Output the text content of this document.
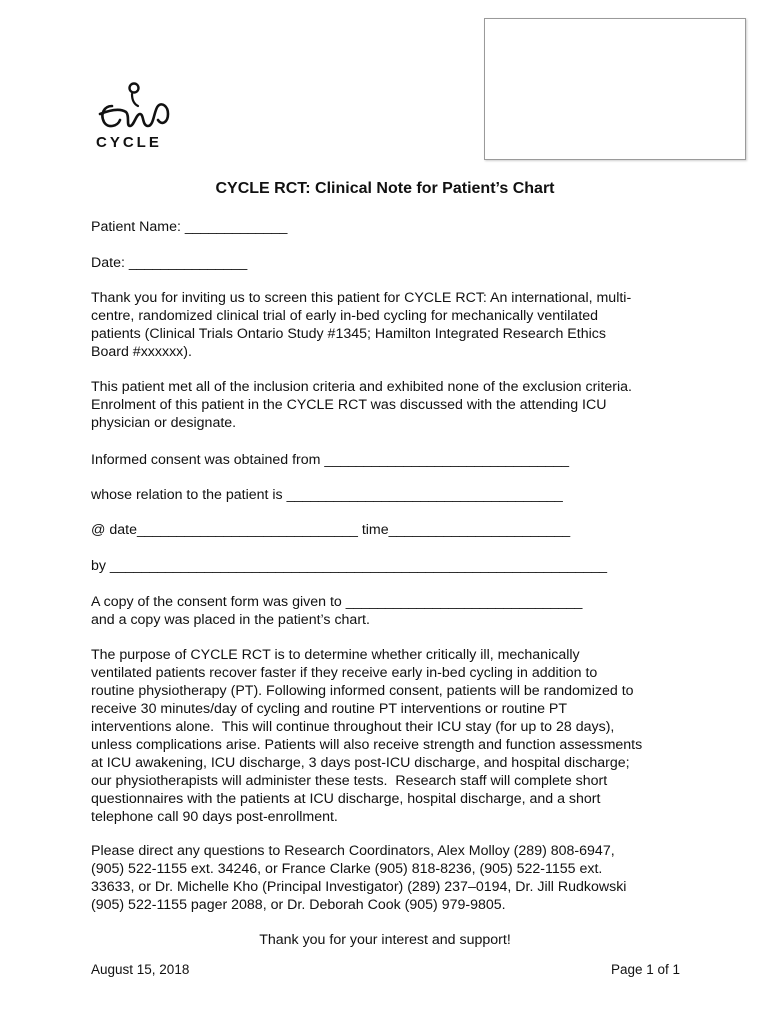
CYCLE
CYCLE RCT: Clinical Note for Patient’s Chart
Patient Name: _____________
Date: _______________
Thank you for inviting us to screen this patient for CYCLE RCT: An international, multi-
centre, randomized clinical trial of early in-bed cycling for mechanically ventilated
patients (Clinical Trials Ontario Study #1345; Hamilton Integrated Research Ethics
Board #xxxxxx).
This patient met all of the inclusion criteria and exhibited none of the exclusion criteria.
Enrolment of this patient in the CYCLE RCT was discussed with the attending ICU
physician or designate.
Informed consent was obtained from _______________________________
whose relation to the patient is ___________________________________
@ date____________________________ time_______________________
by _______________________________________________________________
A copy of the consent form was given to ______________________________
and a copy was placed in the patient’s chart.
The purpose of CYCLE RCT is to determine whether critically ill, mechanically
ventilated patients recover faster if they receive early in-bed cycling in addition to
routine physiotherapy (PT). Following informed consent, patients will be randomized to
receive 30 minutes/day of cycling and routine PT interventions or routine PT
interventions alone.  This will continue throughout their ICU stay (for up to 28 days),
unless complications arise. Patients will also receive strength and function assessments
at ICU awakening, ICU discharge, 3 days post-ICU discharge, and hospital discharge;
our physiotherapists will administer these tests.  Research staff will complete short
questionnaires with the patients at ICU discharge, hospital discharge, and a short
telephone call 90 days post-enrollment.
Please direct any questions to Research Coordinators, Alex Molloy (289) 808-6947,
(905) 522-1155 ext. 34246, or France Clarke (905) 818-8236, (905) 522-1155 ext.
33633, or Dr. Michelle Kho (Principal Investigator) (289) 237–0194, Dr. Jill Rudkowski
(905) 522-1155 pager 2088, or Dr. Deborah Cook (905) 979-9805.
Thank you for your interest and support!
August 15, 2018	Page 1 of 1
